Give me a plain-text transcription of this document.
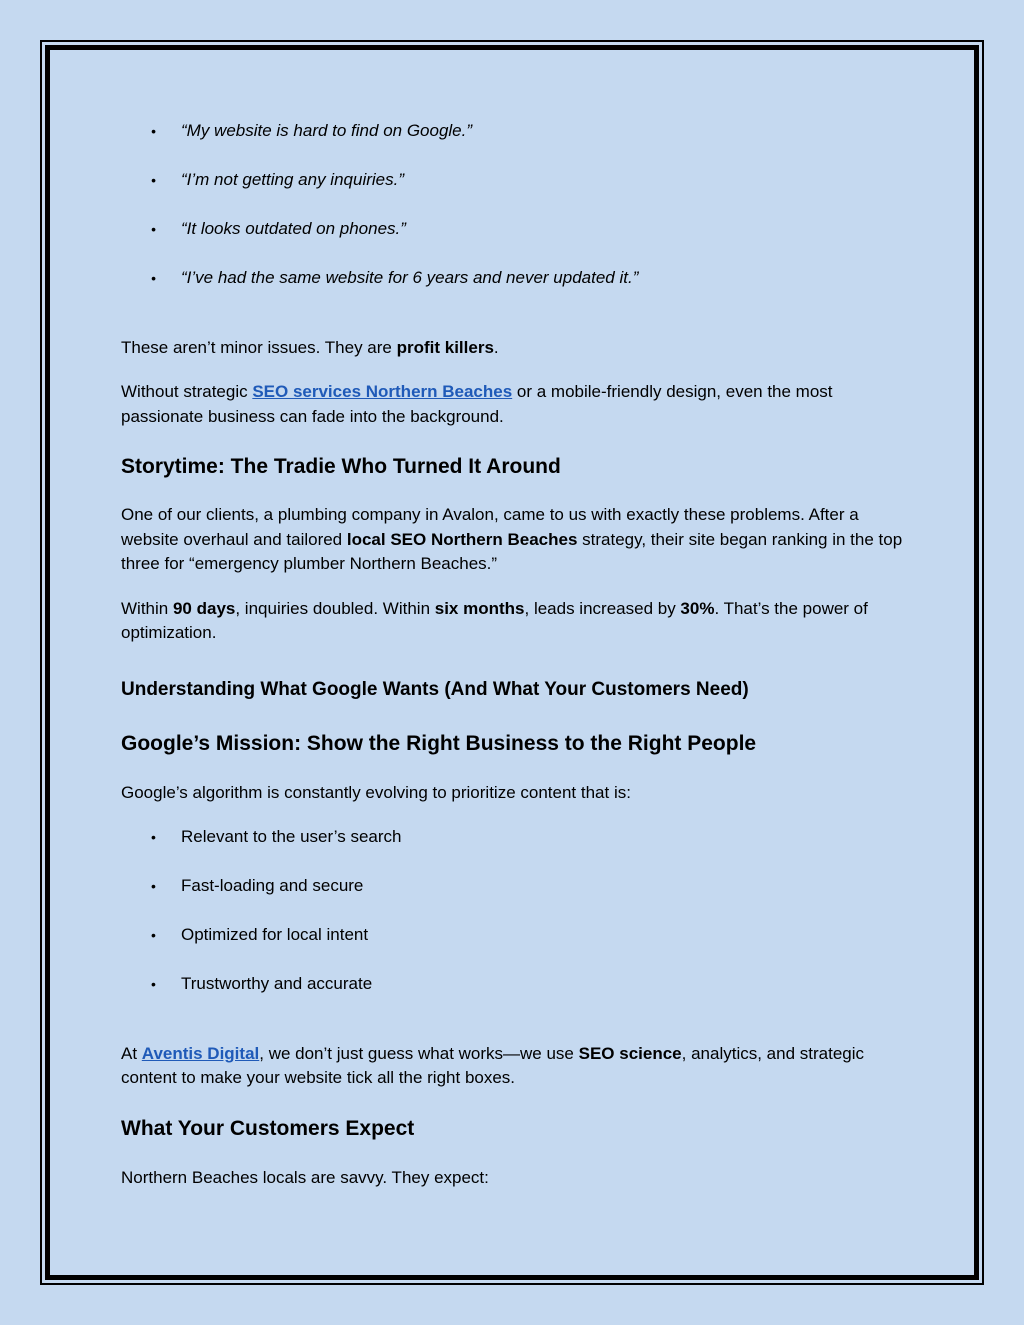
• “My website is hard to find on Google.”
• “I’m not getting any inquiries.”
• “It looks outdated on phones.”
• “I’ve had the same website for 6 years and never updated it.”

These aren’t minor issues. They are profit killers.

Without strategic SEO services Northern Beaches or a mobile-friendly design, even the most passionate business can fade into the background.

Storytime: The Tradie Who Turned It Around

One of our clients, a plumbing company in Avalon, came to us with exactly these problems. After a website overhaul and tailored local SEO Northern Beaches strategy, their site began ranking in the top three for “emergency plumber Northern Beaches.”

Within 90 days, inquiries doubled. Within six months, leads increased by 30%. That’s the power of optimization.

Understanding What Google Wants (And What Your Customers Need)
Google’s Mission: Show the Right Business to the Right People

Google’s algorithm is constantly evolving to prioritize content that is:

• Relevant to the user’s search
• Fast-loading and secure
• Optimized for local intent
• Trustworthy and accurate

At Aventis Digital, we don’t just guess what works—we use SEO science, analytics, and strategic content to make your website tick all the right boxes.

What Your Customers Expect

Northern Beaches locals are savvy. They expect:
